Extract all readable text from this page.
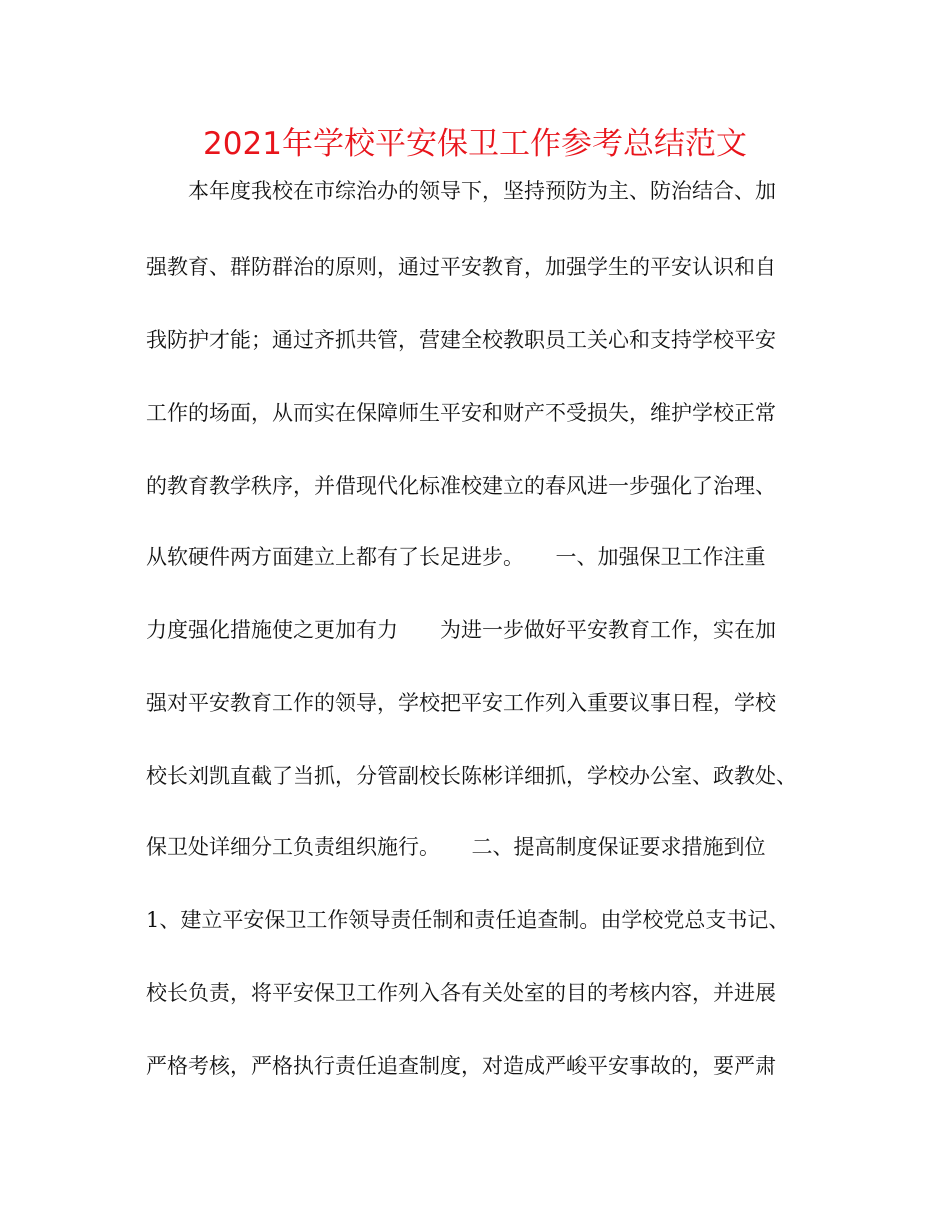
2021年学校平安保卫工作参考总结范文
　　本年度我校在市综治办的领导下，坚持预防为主、防治结合、加
强教育、群防群治的原则，通过平安教育，加强学生的平安认识和自
我防护才能；通过齐抓共管，营建全校教职员工关心和支持学校平安
工作的场面，从而实在保障师生平安和财产不受损失，维护学校正常
的教育教学秩序，并借现代化标准校建立的春风进一步强化了治理、
从软硬件两方面建立上都有了长足进步。　　一、加强保卫工作注重
力度强化措施使之更加有力　　为进一步做好平安教育工作，实在加
强对平安教育工作的领导，学校把平安工作列入重要议事日程，学校
校长刘凯直截了当抓，分管副校长陈彬详细抓，学校办公室、政教处、
保卫处详细分工负责组织施行。　　二、提高制度保证要求措施到位
1、建立平安保卫工作领导责任制和责任追查制。由学校党总支书记、
校长负责，将平安保卫工作列入各有关处室的目的考核内容，并进展
严格考核，严格执行责任追查制度，对造成严峻平安事故的，要严肃
